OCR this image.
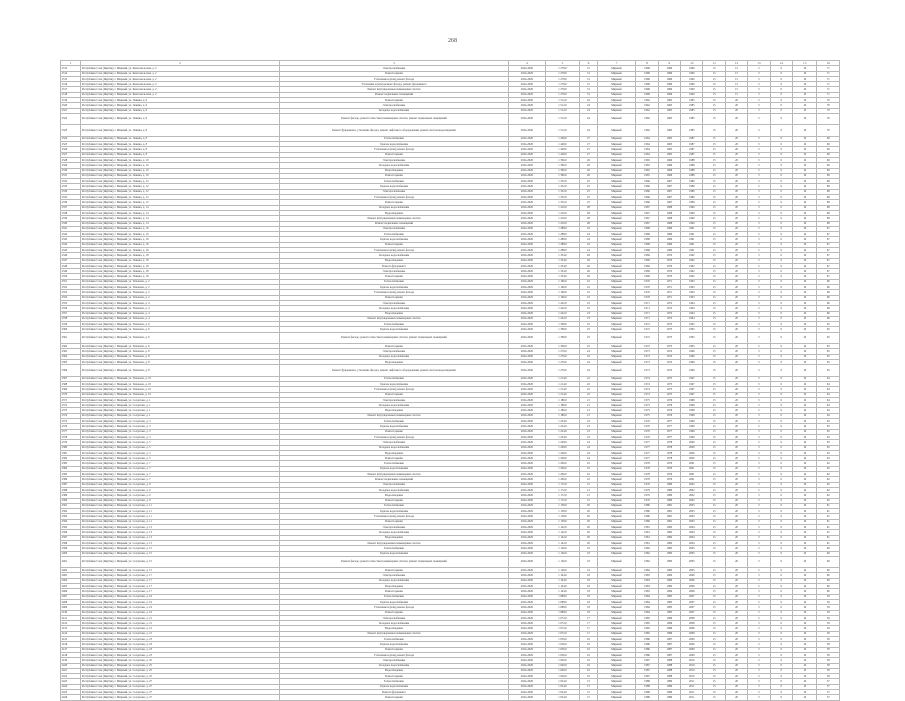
268
1	2	3	4	5	6	7	8	9	10	11	12	13	14	15	16
2313	Республика Саха (Якутия), г. Мирный, ул. Комсомольская, д. 2	Электроснабжение	2024-2026	1 278,0	31	Мирный	1968	1969	1990	15	15	5	0	10	71
2314	Республика Саха (Якутия), г. Мирный, ул. Комсомольская, д. 2	Ремонт крыши	2024-2026	1 278,0	31	Мирный	1968	1969	1990	15	15	5	0	10	71
2315	Республика Саха (Якутия), г. Мирный, ул. Комсомольская, д. 2	Утепление и (или) ремонт фасада	2024-2026	1 278,0	31	Мирный	1968	1969	1990	15	15	5	0	10	71
2316	Республика Саха (Якутия), г. Мирный, ул. Комсомольская, д. 2	Утепление и (или) ремонт фасада, ремонт фундамента	2024-2026	1 278,0	31	Мирный	1968	1969	1990	15	15	5	0	10	71
2317	Республика Саха (Якутия), г. Мирный, ул. Комсомольская, д. 2	Ремонт внутридомовых инженерных систем	2024-2026	1 278,0	31	Мирный	1968	1969	1990	15	15	5	0	10	71
2318	Республика Саха (Якутия), г. Мирный, ул. Комсомольская, д. 2	Ремонт подвальных помещений	2024-2026	1 278,0	31	Мирный	1968	1969	1990	15	15	5	0	10	71
2319	Республика Саха (Якутия), г. Мирный, ул. Ленина, д. 6	Ремонт крыши	2024-2026	1 512,0	24	Мирный	1962	1963	1985	15	20	5	0	10	70
2320	Республика Саха (Якутия), г. Мирный, ул. Ленина, д. 6	Электроснабжение	2024-2026	1 512,0	24	Мирный	1962	1963	1985	15	20	5	0	10	70
2321	Республика Саха (Якутия), г. Мирный, ул. Ленина, д. 6	Холодное водоснабжение	2024-2026	1 512,0	24	Мирный	1962	1963	1985	15	20	5	0	10	70
2322	Республика Саха (Якутия), г. Мирный, ул. Ленина, д. 6	Ремонт фасада, ремонт отмостки и инженерных систем, ремонт подвальных помещений	2024-2026	1 512,0	24	Мирный	1962	1963	1985	15	20	5	0	10	70
2323	Республика Саха (Якутия), г. Мирный, ул. Ленина, д. 6	Ремонт фундамента, утепление фасада, ремонт лифтового оборудования, ремонт систем водоотведения	2024-2026	1 512,0	24	Мирный	1962	1963	1985	15	20	5	0	10	70
2324	Республика Саха (Якутия), г. Мирный, ул. Ленина, д. 8	Теплоснабжение	2024-2026	1 448,0	27	Мирный	1964	1965	1987	15	20	5	0	10	69
2325	Республика Саха (Якутия), г. Мирный, ул. Ленина, д. 8	Горячее водоснабжение	2024-2026	1 448,0	27	Мирный	1964	1965	1987	15	20	5	0	10	69
2326	Республика Саха (Якутия), г. Мирный, ул. Ленина, д. 8	Утепление и (или) ремонт фасада	2024-2026	1 448,0	27	Мирный	1964	1965	1987	15	20	5	0	10	69
2327	Республика Саха (Якутия), г. Мирный, ул. Ленина, д. 8	Ремонт крыши	2024-2026	1 448,0	27	Мирный	1964	1965	1987	15	20	5	0	10	69
2328	Республика Саха (Якутия), г. Мирный, ул. Ленина, д. 10	Электроснабжение	2024-2026	1 396,0	26	Мирный	1965	1966	1988	15	20	5	0	10	69
2329	Республика Саха (Якутия), г. Мирный, ул. Ленина, д. 10	Холодное водоснабжение	2024-2026	1 396,0	26	Мирный	1965	1966	1988	15	20	5	0	10	69
2330	Республика Саха (Якутия), г. Мирный, ул. Ленина, д. 10	Водоотведение	2024-2026	1 396,0	26	Мирный	1965	1966	1988	15	20	5	0	10	69
2331	Республика Саха (Якутия), г. Мирный, ул. Ленина, д. 10	Ремонт крыши	2024-2026	1 396,0	26	Мирный	1965	1966	1988	15	20	5	0	10	69
2332	Республика Саха (Якутия), г. Мирный, ул. Ленина, д. 12	Теплоснабжение	2024-2026	1 352,0	25	Мирный	1966	1967	1989	15	20	5	0	10	68
2333	Республика Саха (Якутия), г. Мирный, ул. Ленина, д. 12	Горячее водоснабжение	2024-2026	1 352,0	25	Мирный	1966	1967	1989	15	20	5	0	10	68
2334	Республика Саха (Якутия), г. Мирный, ул. Ленина, д. 12	Электроснабжение	2024-2026	1 352,0	25	Мирный	1966	1967	1989	15	20	5	0	10	68
2335	Республика Саха (Якутия), г. Мирный, ул. Ленина, д. 12	Утепление и (или) ремонт фасада	2024-2026	1 352,0	25	Мирный	1966	1967	1989	15	20	5	0	10	68
2336	Республика Саха (Якутия), г. Мирный, ул. Ленина, д. 12	Ремонт крыши	2024-2026	1 352,0	25	Мирный	1966	1967	1989	15	20	5	0	10	68
2337	Республика Саха (Якутия), г. Мирный, ул. Ленина, д. 14	Холодное водоснабжение	2024-2026	1 410,0	28	Мирный	1967	1968	1990	15	20	5	0	10	68
2338	Республика Саха (Якутия), г. Мирный, ул. Ленина, д. 14	Водоотведение	2024-2026	1 410,0	28	Мирный	1967	1968	1990	15	20	5	0	10	68
2339	Республика Саха (Якутия), г. Мирный, ул. Ленина, д. 14	Ремонт внутридомовых инженерных систем	2024-2026	1 410,0	28	Мирный	1967	1968	1990	15	20	5	0	10	68
2340	Республика Саха (Якутия), г. Мирный, ул. Ленина, д. 14	Ремонт подвальных помещений	2024-2026	1 410,0	28	Мирный	1967	1968	1990	15	20	5	0	10	68
2341	Республика Саха (Якутия), г. Мирный, ул. Ленина, д. 16	Электроснабжение	2024-2026	1 288,0	24	Мирный	1968	1969	1991	15	20	5	0	10	67
2342	Республика Саха (Якутия), г. Мирный, ул. Ленина, д. 16	Теплоснабжение	2024-2026	1 288,0	24	Мирный	1968	1969	1991	15	20	5	0	10	67
2343	Республика Саха (Якутия), г. Мирный, ул. Ленина, д. 16	Горячее водоснабжение	2024-2026	1 288,0	24	Мирный	1968	1969	1991	15	20	5	0	10	67
2344	Республика Саха (Якутия), г. Мирный, ул. Ленина, д. 16	Ремонт крыши	2024-2026	1 288,0	24	Мирный	1968	1969	1991	15	20	5	0	10	67
2345	Республика Саха (Якутия), г. Мирный, ул. Ленина, д. 16	Утепление и (или) ремонт фасада	2024-2026	1 288,0	24	Мирный	1968	1969	1991	15	20	5	0	10	67
2346	Республика Саха (Якутия), г. Мирный, ул. Ленина, д. 18	Холодное водоснабжение	2024-2026	1 334,0	26	Мирный	1969	1970	1992	15	20	5	0	10	67
2347	Республика Саха (Якутия), г. Мирный, ул. Ленина, д. 18	Водоотведение	2024-2026	1 334,0	26	Мирный	1969	1970	1992	15	20	5	0	10	67
2348	Республика Саха (Якутия), г. Мирный, ул. Ленина, д. 18	Ремонт фундамента	2024-2026	1 334,0	26	Мирный	1969	1970	1992	15	20	5	0	10	67
2349	Республика Саха (Якутия), г. Мирный, ул. Ленина, д. 18	Электроснабжение	2024-2026	1 334,0	26	Мирный	1969	1970	1992	15	20	5	0	10	67
2350	Республика Саха (Якутия), г. Мирный, ул. Ленина, д. 18	Ремонт крыши	2024-2026	1 334,0	26	Мирный	1969	1970	1992	15	20	5	0	10	67
2351	Республика Саха (Якутия), г. Мирный, ул. Тихонова, д. 2	Теплоснабжение	2024-2026	1 196,0	22	Мирный	1970	1971	1993	15	20	5	0	10	66
2352	Республика Саха (Якутия), г. Мирный, ул. Тихонова, д. 2	Горячее водоснабжение	2024-2026	1 196,0	22	Мирный	1970	1971	1993	15	20	5	0	10	66
2353	Республика Саха (Якутия), г. Мирный, ул. Тихонова, д. 2	Утепление и (или) ремонт фасада	2024-2026	1 196,0	22	Мирный	1970	1971	1993	15	20	5	0	10	66
2354	Республика Саха (Якутия), г. Мирный, ул. Тихонова, д. 2	Ремонт крыши	2024-2026	1 196,0	22	Мирный	1970	1971	1993	15	20	5	0	10	66
2355	Республика Саха (Якутия), г. Мирный, ул. Тихонова, д. 4	Электроснабжение	2024-2026	1 242,0	23	Мирный	1971	1972	1994	15	20	5	0	10	66
2356	Республика Саха (Якутия), г. Мирный, ул. Тихонова, д. 4	Холодное водоснабжение	2024-2026	1 242,0	23	Мирный	1971	1972	1994	15	20	5	0	10	66
2357	Республика Саха (Якутия), г. Мирный, ул. Тихонова, д. 4	Водоотведение	2024-2026	1 242,0	23	Мирный	1971	1972	1994	15	20	5	0	10	66
2358	Республика Саха (Якутия), г. Мирный, ул. Тихонова, д. 4	Ремонт внутридомовых инженерных систем	2024-2026	1 242,0	23	Мирный	1971	1972	1994	15	20	5	0	10	66
2359	Республика Саха (Якутия), г. Мирный, ул. Тихонова, д. 6	Теплоснабжение	2024-2026	1 308,0	25	Мирный	1972	1973	1995	15	20	5	0	10	65
2360	Республика Саха (Якутия), г. Мирный, ул. Тихонова, д. 6	Горячее водоснабжение	2024-2026	1 308,0	25	Мирный	1972	1973	1995	15	20	5	0	10	65
2361	Республика Саха (Якутия), г. Мирный, ул. Тихонова, д. 6	Ремонт фасада, ремонт отмостки и инженерных систем, ремонт подвальных помещений	2024-2026	1 308,0	25	Мирный	1972	1973	1995	15	20	5	0	10	65
2362	Республика Саха (Якутия), г. Мирный, ул. Тихонова, д. 6	Ремонт крыши	2024-2026	1 308,0	25	Мирный	1972	1973	1995	15	20	5	0	10	65
2363	Республика Саха (Якутия), г. Мирный, ул. Тихонова, д. 8	Электроснабжение	2024-2026	1 276,0	24	Мирный	1973	1974	1996	15	20	5	0	10	65
2364	Республика Саха (Якутия), г. Мирный, ул. Тихонова, д. 8	Холодное водоснабжение	2024-2026	1 276,0	24	Мирный	1973	1974	1996	15	20	5	0	10	65
2365	Республика Саха (Якутия), г. Мирный, ул. Тихонова, д. 8	Водоотведение	2024-2026	1 276,0	24	Мирный	1973	1974	1996	15	20	5	0	10	65
2366	Республика Саха (Якутия), г. Мирный, ул. Тихонова, д. 8	Ремонт фундамента, утепление фасада, ремонт лифтового оборудования, ремонт систем водоотведения	2024-2026	1 276,0	24	Мирный	1973	1974	1996	15	20	5	0	10	65
2367	Республика Саха (Якутия), г. Мирный, ул. Тихонова, д. 10	Теплоснабжение	2024-2026	1 214,0	22	Мирный	1974	1975	1997	15	20	5	0	10	64
2368	Республика Саха (Якутия), г. Мирный, ул. Тихонова, д. 10	Горячее водоснабжение	2024-2026	1 214,0	22	Мирный	1974	1975	1997	15	20	5	0	10	64
2369	Республика Саха (Якутия), г. Мирный, ул. Тихонова, д. 10	Утепление и (или) ремонт фасада	2024-2026	1 214,0	22	Мирный	1974	1975	1997	15	20	5	0	10	64
2370	Республика Саха (Якутия), г. Мирный, ул. Тихонова, д. 10	Ремонт крыши	2024-2026	1 214,0	22	Мирный	1974	1975	1997	15	20	5	0	10	64
2371	Республика Саха (Якутия), г. Мирный, ул. Солдатова, д. 1	Электроснабжение	2024-2026	1 186,0	21	Мирный	1975	1976	1998	15	20	5	0	10	64
2372	Республика Саха (Якутия), г. Мирный, ул. Солдатова, д. 1	Холодное водоснабжение	2024-2026	1 186,0	21	Мирный	1975	1976	1998	15	20	5	0	10	64
2373	Республика Саха (Якутия), г. Мирный, ул. Солдатова, д. 1	Водоотведение	2024-2026	1 186,0	21	Мирный	1975	1976	1998	15	20	5	0	10	64
2374	Республика Саха (Якутия), г. Мирный, ул. Солдатова, д. 1	Ремонт внутридомовых инженерных систем	2024-2026	1 186,0	21	Мирный	1975	1976	1998	15	20	5	0	10	64
2375	Республика Саха (Якутия), г. Мирный, ул. Солдатова, д. 3	Теплоснабжение	2024-2026	1 224,0	23	Мирный	1976	1977	1999	15	20	5	0	10	63
2376	Республика Саха (Якутия), г. Мирный, ул. Солдатова, д. 3	Горячее водоснабжение	2024-2026	1 224,0	23	Мирный	1976	1977	1999	15	20	5	0	10	63
2377	Республика Саха (Якутия), г. Мирный, ул. Солдатова, д. 3	Ремонт крыши	2024-2026	1 224,0	23	Мирный	1976	1977	1999	15	20	5	0	10	63
2378	Республика Саха (Якутия), г. Мирный, ул. Солдатова, д. 3	Утепление и (или) ремонт фасада	2024-2026	1 224,0	23	Мирный	1976	1977	1999	15	20	5	0	10	63
2379	Республика Саха (Якутия), г. Мирный, ул. Солдатова, д. 5	Электроснабжение	2024-2026	1 248,0	24	Мирный	1977	1978	2000	15	20	5	0	10	63
2380	Республика Саха (Якутия), г. Мирный, ул. Солдатова, д. 5	Холодное водоснабжение	2024-2026	1 248,0	24	Мирный	1977	1978	2000	15	20	5	0	10	63
2381	Республика Саха (Якутия), г. Мирный, ул. Солдатова, д. 5	Водоотведение	2024-2026	1 248,0	24	Мирный	1977	1978	2000	15	20	5	0	10	63
2382	Республика Саха (Якутия), г. Мирный, ул. Солдатова, д. 5	Ремонт крыши	2024-2026	1 248,0	24	Мирный	1977	1978	2000	15	20	5	0	10	63
2383	Республика Саха (Якутия), г. Мирный, ул. Солдатова, д. 7	Теплоснабжение	2024-2026	1 206,0	22	Мирный	1978	1979	2001	15	20	5	0	10	62
2384	Республика Саха (Якутия), г. Мирный, ул. Солдатова, д. 7	Горячее водоснабжение	2024-2026	1 206,0	22	Мирный	1978	1979	2001	15	20	5	0	10	62
2385	Республика Саха (Якутия), г. Мирный, ул. Солдатова, д. 7	Ремонт внутридомовых инженерных систем	2024-2026	1 206,0	22	Мирный	1978	1979	2001	15	20	5	0	10	62
2386	Республика Саха (Якутия), г. Мирный, ул. Солдатова, д. 7	Ремонт подвальных помещений	2024-2026	1 206,0	22	Мирный	1978	1979	2001	15	20	5	0	10	62
2387	Республика Саха (Якутия), г. Мирный, ул. Солдатова, д. 9	Электроснабжение	2024-2026	1 172,0	21	Мирный	1979	1980	2002	15	20	5	0	10	62
2388	Республика Саха (Якутия), г. Мирный, ул. Солдатова, д. 9	Холодное водоснабжение	2024-2026	1 172,0	21	Мирный	1979	1980	2002	15	20	5	0	10	62
2389	Республика Саха (Якутия), г. Мирный, ул. Солдатова, д. 9	Водоотведение	2024-2026	1 172,0	21	Мирный	1979	1980	2002	15	20	5	0	10	62
2390	Республика Саха (Якутия), г. Мирный, ул. Солдатова, д. 9	Ремонт крыши	2024-2026	1 172,0	21	Мирный	1979	1980	2002	15	20	5	0	10	62
2391	Республика Саха (Якутия), г. Мирный, ул. Солдатова, д. 11	Теплоснабжение	2024-2026	1 158,0	20	Мирный	1980	1981	2003	15	20	5	0	10	61
2392	Республика Саха (Якутия), г. Мирный, ул. Солдатова, д. 11	Горячее водоснабжение	2024-2026	1 158,0	20	Мирный	1980	1981	2003	15	20	5	0	10	61
2393	Республика Саха (Якутия), г. Мирный, ул. Солдатова, д. 11	Утепление и (или) ремонт фасада	2024-2026	1 158,0	20	Мирный	1980	1981	2003	15	20	5	0	10	61
2394	Республика Саха (Якутия), г. Мирный, ул. Солдатова, д. 11	Ремонт крыши	2024-2026	1 158,0	20	Мирный	1980	1981	2003	15	20	5	0	10	61
2395	Республика Саха (Якутия), г. Мирный, ул. Солдатова, д. 13	Электроснабжение	2024-2026	1 142,0	20	Мирный	1981	1982	2004	15	20	5	0	10	61
2396	Республика Саха (Якутия), г. Мирный, ул. Солдатова, д. 13	Холодное водоснабжение	2024-2026	1 142,0	20	Мирный	1981	1982	2004	15	20	5	0	10	61
2397	Республика Саха (Якутия), г. Мирный, ул. Солдатова, д. 13	Водоотведение	2024-2026	1 142,0	20	Мирный	1981	1982	2004	15	20	5	0	10	61
2398	Республика Саха (Якутия), г. Мирный, ул. Солдатова, д. 13	Ремонт внутридомовых инженерных систем	2024-2026	1 142,0	20	Мирный	1981	1982	2004	15	20	5	0	10	61
2399	Республика Саха (Якутия), г. Мирный, ул. Солдатова, д. 15	Теплоснабжение	2024-2026	1 126,0	19	Мирный	1982	1983	2005	15	20	5	0	10	60
2400	Республика Саха (Якутия), г. Мирный, ул. Солдатова, д. 15	Горячее водоснабжение	2024-2026	1 126,0	19	Мирный	1982	1983	2005	15	20	5	0	10	60
2401	Республика Саха (Якутия), г. Мирный, ул. Солдатова, д. 15	Ремонт фасада, ремонт отмостки и инженерных систем, ремонт подвальных помещений	2024-2026	1 126,0	19	Мирный	1982	1983	2005	15	20	5	0	10	60
2402	Республика Саха (Якутия), г. Мирный, ул. Солдатова, д. 15	Ремонт крыши	2024-2026	1 126,0	19	Мирный	1982	1983	2005	15	20	5	0	10	60
2403	Республика Саха (Якутия), г. Мирный, ул. Солдатова, д. 17	Электроснабжение	2024-2026	1 104,0	18	Мирный	1983	1984	2006	15	20	5	0	10	60
2404	Республика Саха (Якутия), г. Мирный, ул. Солдатова, д. 17	Холодное водоснабжение	2024-2026	1 104,0	18	Мирный	1983	1984	2006	15	20	5	0	10	60
2405	Республика Саха (Якутия), г. Мирный, ул. Солдатова, д. 17	Водоотведение	2024-2026	1 104,0	18	Мирный	1983	1984	2006	15	20	5	0	10	60
2406	Республика Саха (Якутия), г. Мирный, ул. Солдатова, д. 17	Ремонт крыши	2024-2026	1 104,0	18	Мирный	1983	1984	2006	15	20	5	0	10	60
2407	Республика Саха (Якутия), г. Мирный, ул. Солдатова, д. 19	Теплоснабжение	2024-2026	1 088,0	18	Мирный	1984	1985	2007	15	20	5	0	10	59
2408	Республика Саха (Якутия), г. Мирный, ул. Солдатова, д. 19	Горячее водоснабжение	2024-2026	1 088,0	18	Мирный	1984	1985	2007	15	20	5	0	10	59
2409	Республика Саха (Якутия), г. Мирный, ул. Солдатова, д. 19	Утепление и (или) ремонт фасада	2024-2026	1 088,0	18	Мирный	1984	1985	2007	15	20	5	0	10	59
2410	Республика Саха (Якутия), г. Мирный, ул. Солдатова, д. 19	Ремонт крыши	2024-2026	1 088,0	18	Мирный	1984	1985	2007	15	20	5	0	10	59
2411	Республика Саха (Якутия), г. Мирный, ул. Солдатова, д. 21	Электроснабжение	2024-2026	1 072,0	17	Мирный	1985	1986	2008	15	20	5	0	10	59
2412	Республика Саха (Якутия), г. Мирный, ул. Солдатова, д. 21	Холодное водоснабжение	2024-2026	1 072,0	17	Мирный	1985	1986	2008	15	20	5	0	10	59
2413	Республика Саха (Якутия), г. Мирный, ул. Солдатова, д. 21	Водоотведение	2024-2026	1 072,0	17	Мирный	1985	1986	2008	15	20	5	0	10	59
2414	Республика Саха (Якутия), г. Мирный, ул. Солдатова, д. 21	Ремонт внутридомовых инженерных систем	2024-2026	1 072,0	17	Мирный	1985	1986	2008	15	20	5	0	10	59
2415	Республика Саха (Якутия), г. Мирный, ул. Солдатова, д. 23	Теплоснабжение	2024-2026	1 056,0	16	Мирный	1986	1987	2009	15	20	5	0	10	58
2416	Республика Саха (Якутия), г. Мирный, ул. Солдатова, д. 23	Горячее водоснабжение	2024-2026	1 056,0	16	Мирный	1986	1987	2009	15	20	5	0	10	58
2417	Республика Саха (Якутия), г. Мирный, ул. Солдатова, д. 23	Ремонт крыши	2024-2026	1 056,0	16	Мирный	1986	1987	2009	15	20	5	0	10	58
2418	Республика Саха (Якутия), г. Мирный, ул. Солдатова, д. 23	Утепление и (или) ремонт фасада	2024-2026	1 056,0	16	Мирный	1986	1987	2009	15	20	5	0	10	58
2419	Республика Саха (Якутия), г. Мирный, ул. Солдатова, д. 25	Электроснабжение	2024-2026	1 040,0	16	Мирный	1987	1988	2010	15	20	5	0	10	58
2420	Республика Саха (Якутия), г. Мирный, ул. Солдатова, д. 25	Холодное водоснабжение	2024-2026	1 040,0	16	Мирный	1987	1988	2010	15	20	5	0	10	58
2421	Республика Саха (Якутия), г. Мирный, ул. Солдатова, д. 25	Водоотведение	2024-2026	1 040,0	16	Мирный	1987	1988	2010	15	20	5	0	10	58
2422	Республика Саха (Якутия), г. Мирный, ул. Солдатова, д. 25	Ремонт крыши	2024-2026	1 040,0	16	Мирный	1987	1988	2010	15	20	5	0	10	58
2423	Республика Саха (Якутия), г. Мирный, ул. Солдатова, д. 27	Теплоснабжение	2024-2026	1 024,0	15	Мирный	1988	1989	2011	15	20	5	0	10	57
2424	Республика Саха (Якутия), г. Мирный, ул. Солдатова, д. 27	Горячее водоснабжение	2024-2026	1 024,0	15	Мирный	1988	1989	2011	15	20	5	0	10	57
2425	Республика Саха (Якутия), г. Мирный, ул. Солдатова, д. 27	Ремонт фундамента	2024-2026	1 024,0	15	Мирный	1988	1989	2011	15	20	5	0	10	57
2426	Республика Саха (Якутия), г. Мирный, ул. Солдатова, д. 27	Ремонт крыши	2024-2026	1 024,0	15	Мирный	1988	1989	2011	15	20	5	0	10	57
